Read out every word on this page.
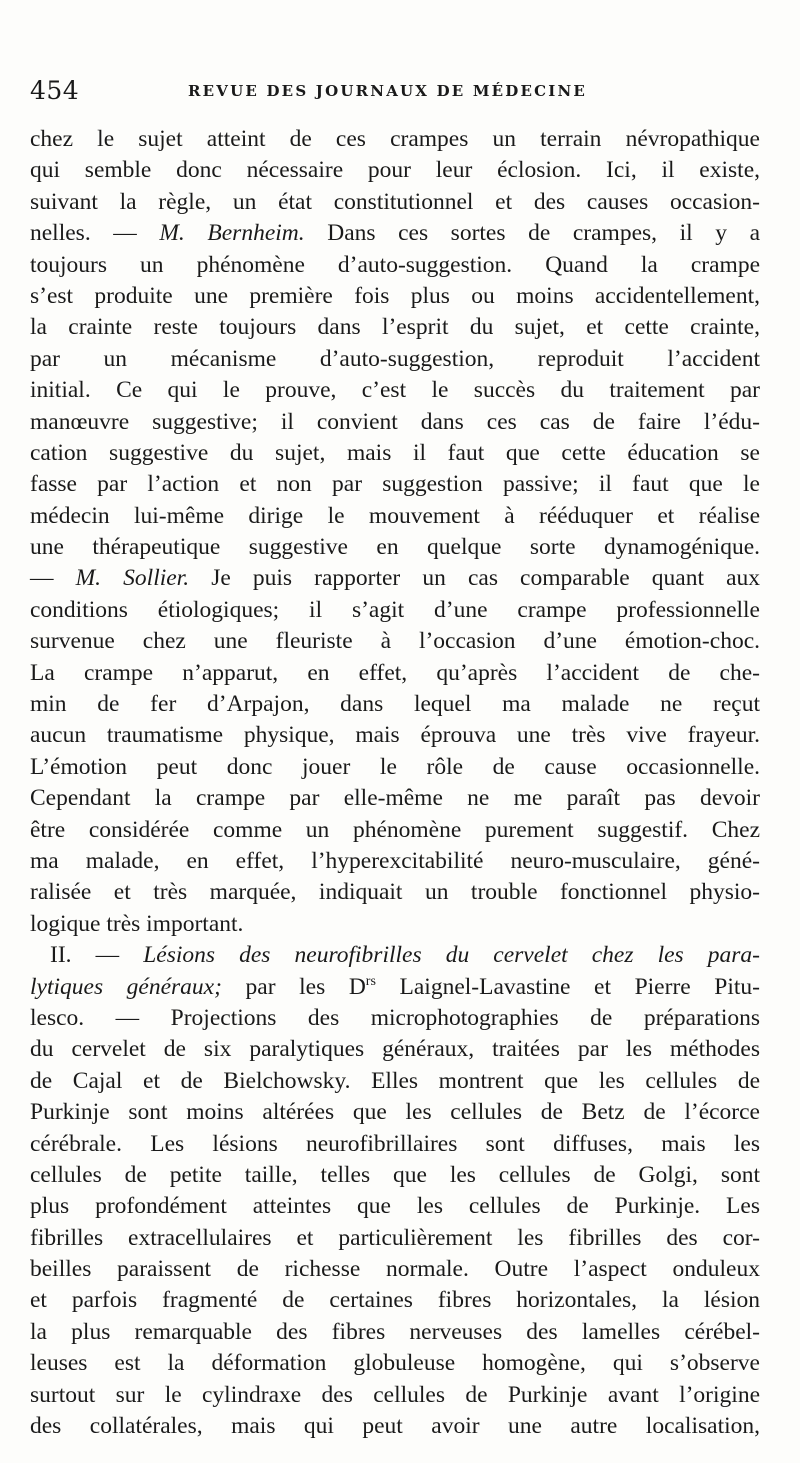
454	REVUE DES JOURNAUX DE MÉDECINE
chez le sujet atteint de ces crampes un terrain névropathique
qui semble donc nécessaire pour leur éclosion. Ici, il existe,
suivant la règle, un état constitutionnel et des causes occasion-
nelles. — M. Bernheim. Dans ces sortes de crampes, il y a
toujours un phénomène d’auto-suggestion. Quand la crampe
s’est produite une première fois plus ou moins accidentellement,
la crainte reste toujours dans l’esprit du sujet, et cette crainte,
par un mécanisme d’auto-suggestion, reproduit l’accident
initial. Ce qui le prouve, c’est le succès du traitement par
manœuvre suggestive; il convient dans ces cas de faire l’édu-
cation suggestive du sujet, mais il faut que cette éducation se
fasse par l’action et non par suggestion passive; il faut que le
médecin lui-même dirige le mouvement à rééduquer et réalise
une thérapeutique suggestive en quelque sorte dynamogénique.
— M. Sollier. Je puis rapporter un cas comparable quant aux
conditions étiologiques; il s’agit d’une crampe professionnelle
survenue chez une fleuriste à l’occasion d’une émotion-choc.
La crampe n’apparut, en effet, qu’après l’accident de che-
min de fer d’Arpajon, dans lequel ma malade ne reçut
aucun traumatisme physique, mais éprouva une très vive frayeur.
L’émotion peut donc jouer le rôle de cause occasionnelle.
Cependant la crampe par elle-même ne me paraît pas devoir
être considérée comme un phénomène purement suggestif. Chez
ma malade, en effet, l’hyperexcitabilité neuro-musculaire, géné-
ralisée et très marquée, indiquait un trouble fonctionnel physio-
logique très important.
II. — Lésions des neurofibrilles du cervelet chez les para-
lytiques généraux; par les $D^{rs}$ Laignel-Lavastine et Pierre Pitu-
lesco. — Projections des microphotographies de préparations
du cervelet de six paralytiques généraux, traitées par les méthodes
de Cajal et de Bielchowsky. Elles montrent que les cellules de
Purkinje sont moins altérées que les cellules de Betz de l’écorce
cérébrale. Les lésions neurofibrillaires sont diffuses, mais les
cellules de petite taille, telles que les cellules de Golgi, sont
plus profondément atteintes que les cellules de Purkinje. Les
fibrilles extracellulaires et particulièrement les fibrilles des cor-
beilles paraissent de richesse normale. Outre l’aspect onduleux
et parfois fragmenté de certaines fibres horizontales, la lésion
la plus remarquable des fibres nerveuses des lamelles cérébel-
leuses est la déformation globuleuse homogène, qui s’observe
surtout sur le cylindraxe des cellules de Purkinje avant l’origine
des collatérales, mais qui peut avoir une autre localisation,
